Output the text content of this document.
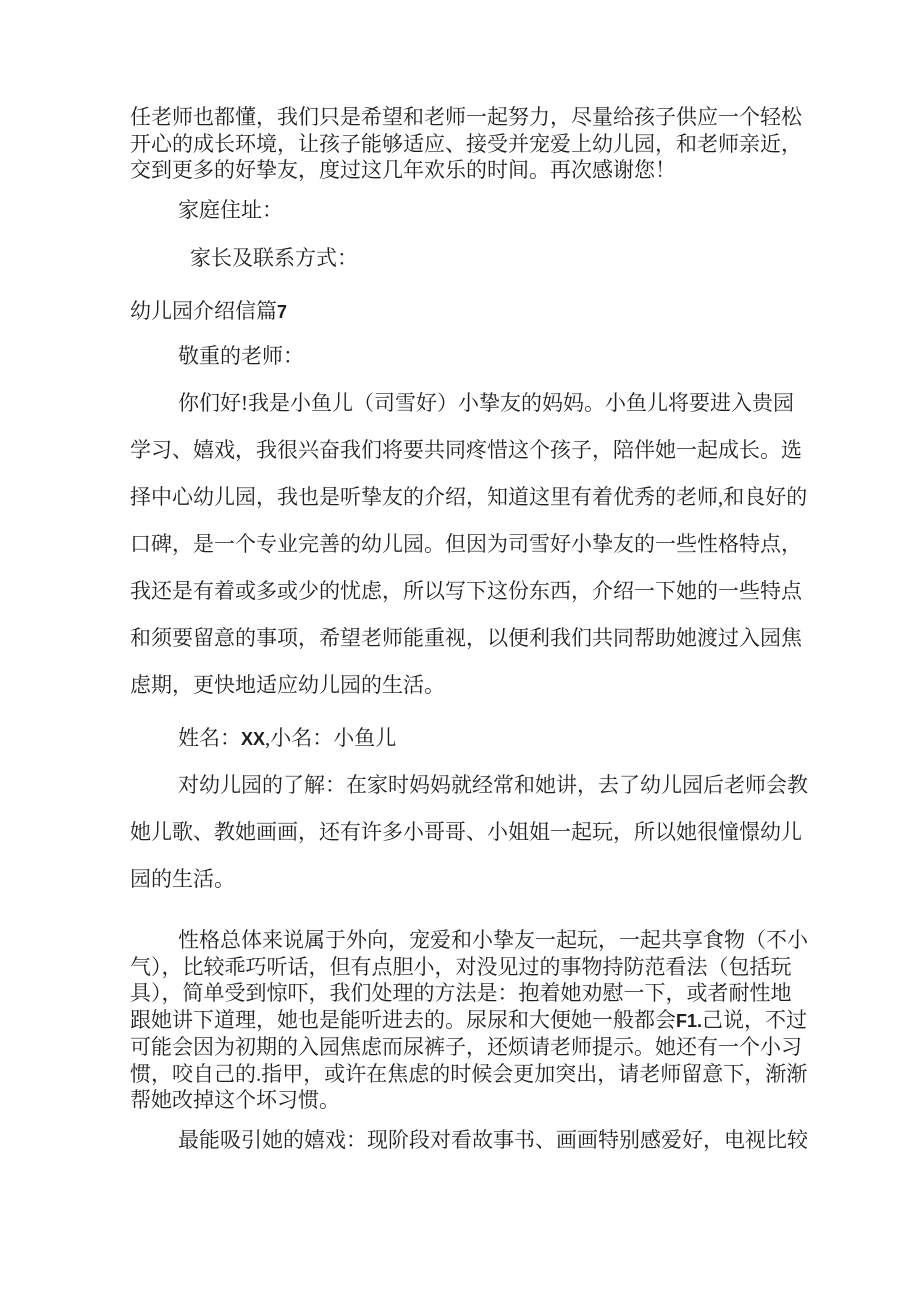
任老师也都懂，我们只是希望和老师一起努力，尽量给孩子供应一个轻松
开心的成长环境，让孩子能够适应、接受并宠爱上幼儿园，和老师亲近，
交到更多的好挚友，度过这几年欢乐的时间。再次感谢您！
家庭住址：
家长及联系方式：
幼儿园介绍信篇7
敬重的老师：
你们好!我是小鱼儿（司雪好）小挚友的妈妈。小鱼儿将要进入贵园
学习、嬉戏，我很兴奋我们将要共同疼惜这个孩子，陪伴她一起成长。选
择中心幼儿园，我也是听挚友的介绍，知道这里有着优秀的老师,和良好的
口碑，是一个专业完善的幼儿园。但因为司雪好小挚友的一些性格特点，
我还是有着或多或少的忧虑，所以写下这份东西，介绍一下她的一些特点
和须要留意的事项，希望老师能重视，以便利我们共同帮助她渡过入园焦
虑期，更快地适应幼儿园的生活。
姓名：XX,小名：小鱼儿
对幼儿园的了解：在家时妈妈就经常和她讲，去了幼儿园后老师会教
她儿歌、教她画画，还有许多小哥哥、小姐姐一起玩，所以她很憧憬幼儿
园的生活。
性格总体来说属于外向，宠爱和小挚友一起玩，一起共享食物（不小
气），比较乖巧听话，但有点胆小，对没见过的事物持防范看法（包括玩
具），简单受到惊吓，我们处理的方法是：抱着她劝慰一下，或者耐性地
跟她讲下道理，她也是能听进去的。尿尿和大便她一般都会F1.己说，不过
可能会因为初期的入园焦虑而尿裤子，还烦请老师提示。她还有一个小习
惯，咬自己的.指甲，或许在焦虑的时候会更加突出，请老师留意下，渐渐
帮她改掉这个坏习惯。
最能吸引她的嬉戏：现阶段对看故事书、画画特别感爱好，电视比较
